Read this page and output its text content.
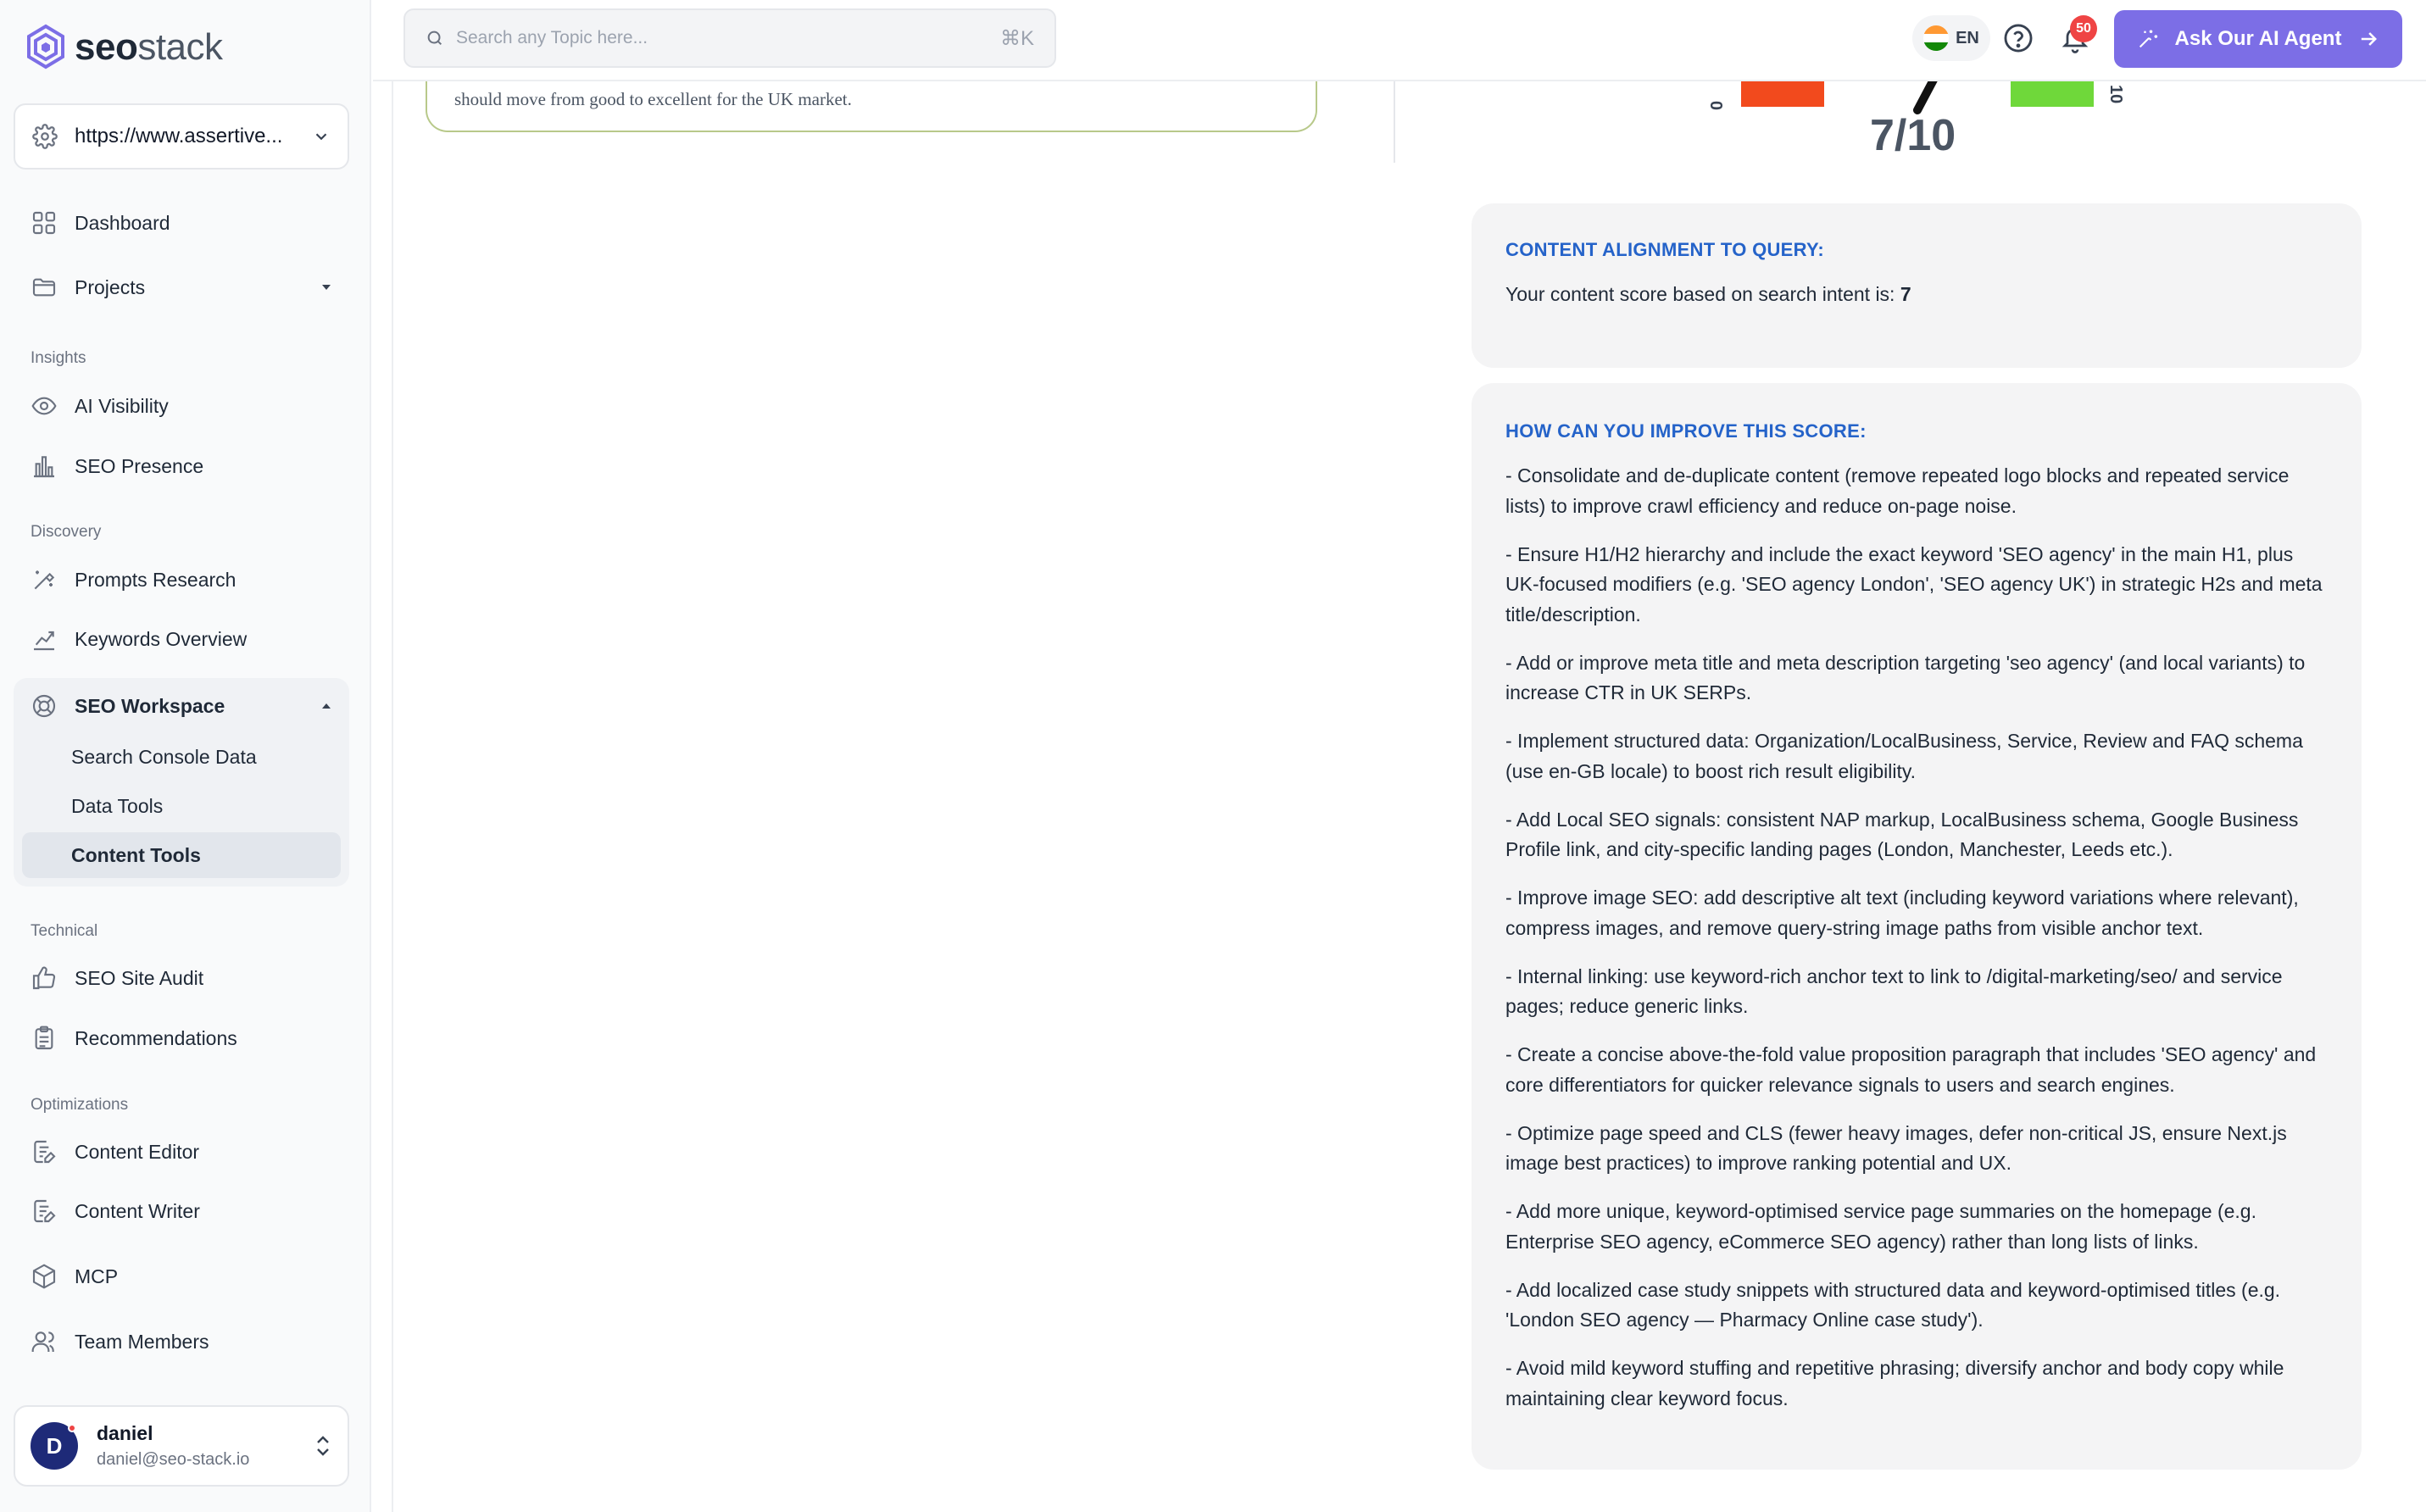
seostack
https://www.assertive...
Dashboard
Projects
Insights
AI Visibility
SEO Presence
Discovery
Prompts Research
Keywords Overview
SEO Workspace
Search Console Data
Data Tools
Content Tools
Technical
SEO Site Audit
Recommendations
Optimizations
Content Editor
Content Writer
MCP
Team Members
D daniel
daniel@seo-stack.io
Search any Topic here...
⌘K	EN	50	Ask Our AI Agent
should move from good to excellent for the UK market.	0
10
7/10
CONTENT ALIGNMENT TO QUERY:
Your content score based on search intent is: 7
HOW CAN YOU IMPROVE THIS SCORE:

- Consolidate and de-duplicate content (remove repeated logo blocks and repeated service lists) to improve crawl efficiency and reduce on-page noise.

- Ensure H1/H2 hierarchy and include the exact keyword 'SEO agency' in the main H1, plus UK-focused modifiers (e.g. 'SEO agency London', 'SEO agency UK') in strategic H2s and meta title/description.

- Add or improve meta title and meta description targeting 'seo agency' (and local variants) to increase CTR in UK SERPs.

- Implement structured data: Organization/LocalBusiness, Service, Review and FAQ schema (use en-GB locale) to boost rich result eligibility.

- Add Local SEO signals: consistent NAP markup, LocalBusiness schema, Google Business Profile link, and city-specific landing pages (London, Manchester, Leeds etc.).

- Improve image SEO: add descriptive alt text (including keyword variations where relevant), compress images, and remove query-string image paths from visible anchor text.

- Internal linking: use keyword-rich anchor text to link to /digital-marketing/seo/ and service pages; reduce generic links.

- Create a concise above-the-fold value proposition paragraph that includes 'SEO agency' and core differentiators for quicker relevance signals to users and search engines.

- Optimize page speed and CLS (fewer heavy images, defer non-critical JS, ensure Next.js image best practices) to improve ranking potential and UX.

- Add more unique, keyword-optimised service page summaries on the homepage (e.g. Enterprise SEO agency, eCommerce SEO agency) rather than long lists of links.

- Add localized case study snippets with structured data and keyword-optimised titles (e.g. 'London SEO agency — Pharmacy Online case study').

- Avoid mild keyword stuffing and repetitive phrasing; diversify anchor and body copy while maintaining clear keyword focus.
